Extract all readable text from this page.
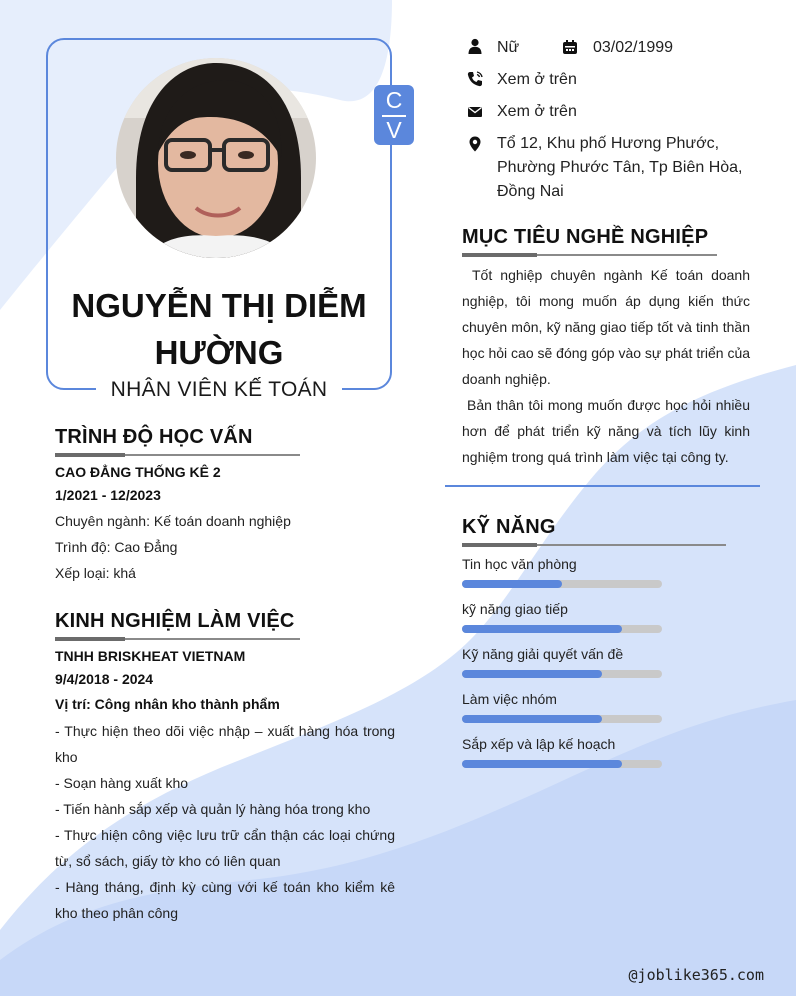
C
V
NGUYỄN THỊ DIỄM
HƯỜNG
NHÂN VIÊN KẾ TOÁN
Nữ	03/02/1999
Xem ở trên
Xem ở trên
Tổ 12, Khu phố Hương Phước,
Phường Phước Tân, Tp Biên Hòa,
Đồng Nai
MỤC TIÊU NGHỀ NGHIỆP
Tốt nghiệp chuyên ngành Kế toán doanh nghiệp, tôi mong muốn áp dụng kiến thức chuyên môn, kỹ năng giao tiếp tốt và tinh thần học hỏi cao sẽ đóng góp vào sự phát triển của doanh nghiệp.
Bản thân tôi mong muốn được học hỏi nhiều hơn để phát triển kỹ năng và tích lũy kinh nghiệm trong quá trình làm việc tại công ty.
KỸ NĂNG
Tin học văn phòng
kỹ năng giao tiếp
Kỹ năng giải quyết vấn đề
Làm việc nhóm
Sắp xếp và lập kế hoạch
TRÌNH ĐỘ HỌC VẤN
CAO ĐẲNG THỐNG KÊ 2
1/2021 - 12/2023
Chuyên ngành: Kế toán doanh nghiệp
Trình độ: Cao Đẳng
Xếp loại: khá
KINH NGHIỆM LÀM VIỆC
TNHH BRISKHEAT VIETNAM
9/4/2018 - 2024
Vị trí: Công nhân kho thành phẩm
- Thực hiện theo dõi việc nhập – xuất hàng hóa trong kho
- Soạn hàng xuất kho
- Tiến hành sắp xếp và quản lý hàng hóa trong kho
- Thực hiện công việc lưu trữ cẩn thận các loại chứng từ, sổ sách, giấy tờ kho có liên quan
- Hàng tháng, định kỳ cùng với kế toán kho kiểm kê kho theo phân công
@joblike365.com
